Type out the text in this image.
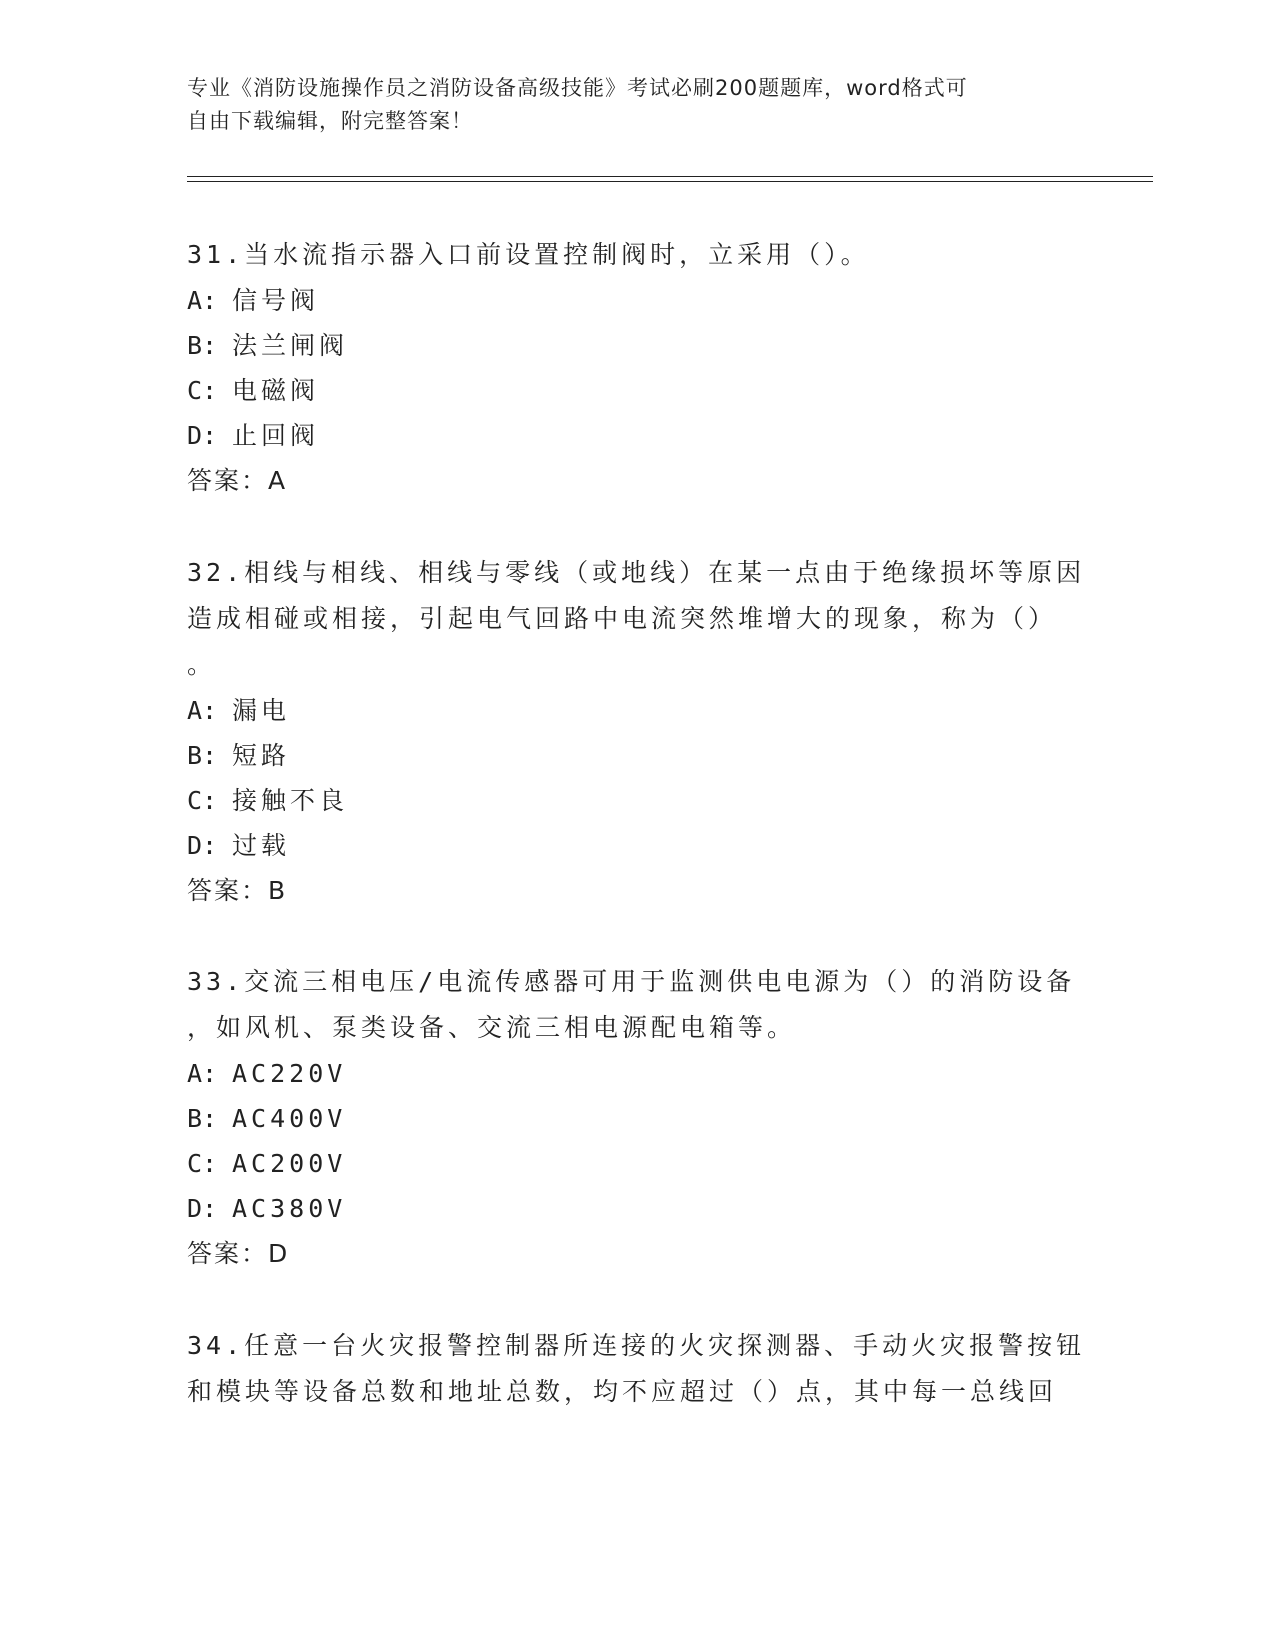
专业《消防设施操作员之消防设备高级技能》考试必刷200题题库，word格式可
自由下载编辑，附完整答案！

31.当水流指示器入口前设置控制阀时，立采用（）。

A: 信号阀
B: 法兰闸阀
C: 电磁阀
D: 止回阀
答案： A

32.相线与相线、相线与零线（或地线）在某一点由于绝缘损坏等原因

造成相碰或相接，引起电气回路中电流突然堆增大的现象，称为（）

。

A: 漏电
B: 短路
C: 接触不良
D: 过载
答案： B

33.交流三相电压/电流传感器可用于监测供电电源为（）的消防设备

，如风机、泵类设备、交流三相电源配电箱等。

A: AC220V
B: AC400V
C: AC200V
D: AC380V
答案： D

34.任意一台火灾报警控制器所连接的火灾探测器、手动火灾报警按钮

和模块等设备总数和地址总数，均不应超过（）点，其中每一总线回
